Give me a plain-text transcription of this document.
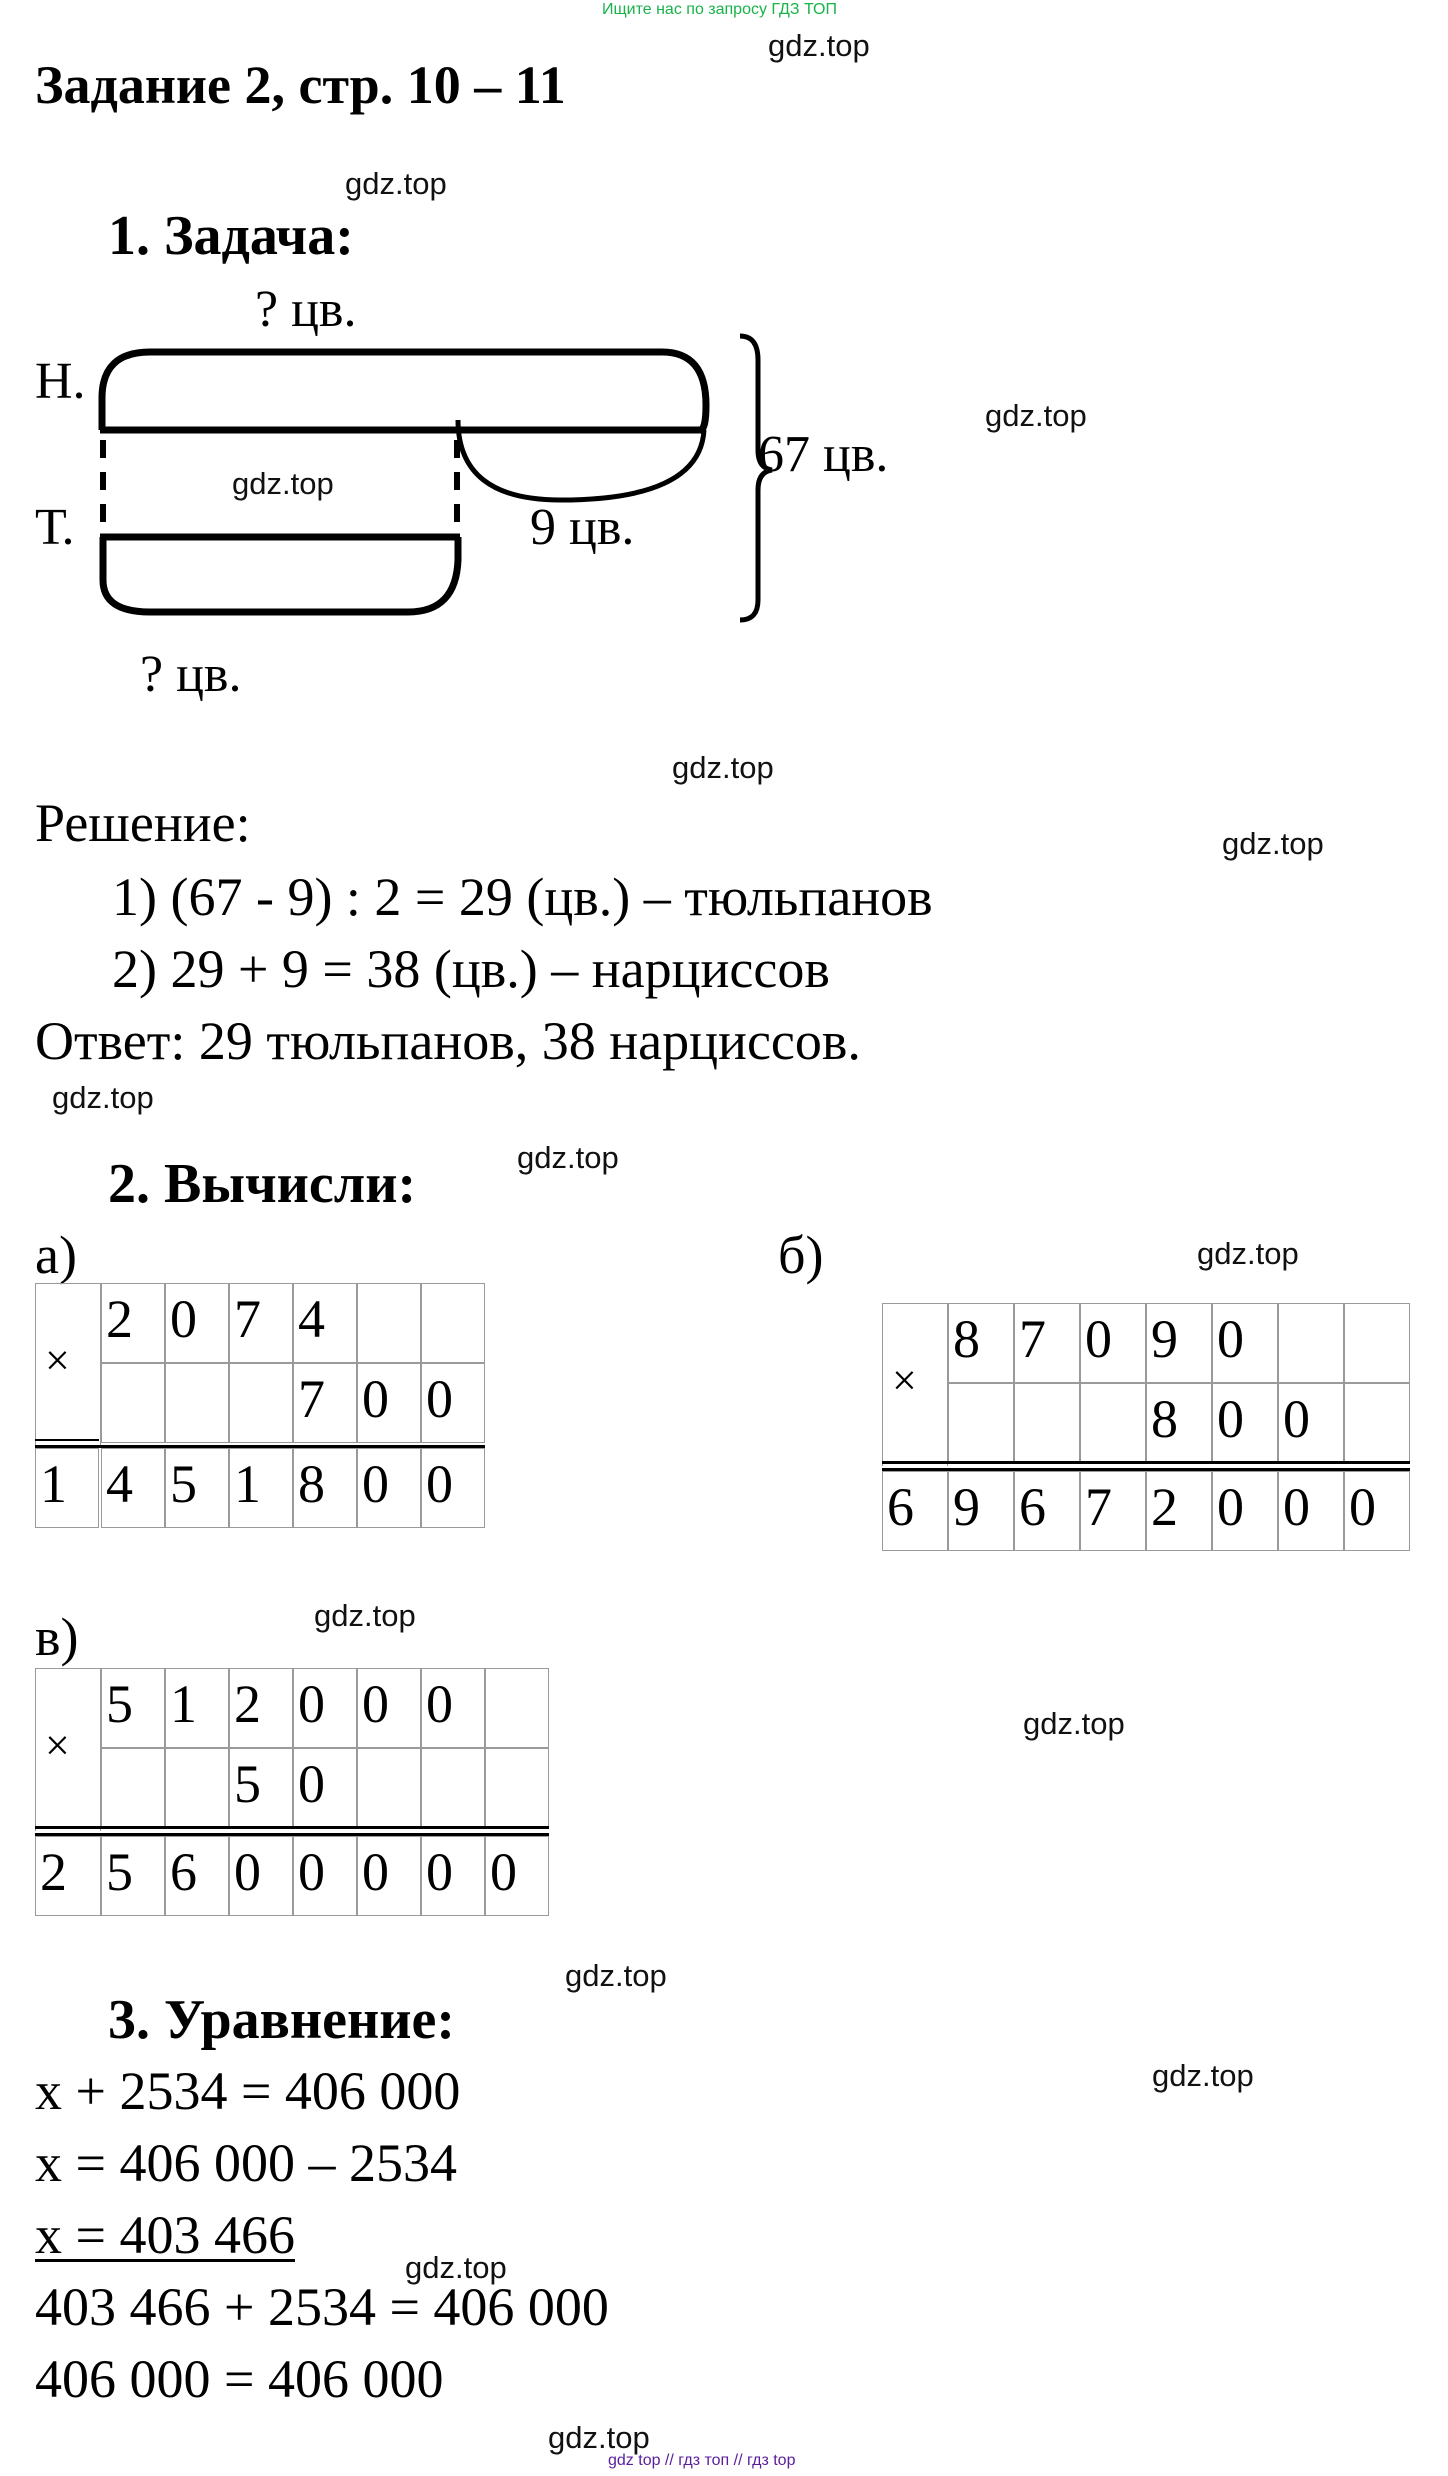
Ищите нас по запросу ГДЗ ТОП
gdz.top
gdz.top
gdz.top
gdz.top
gdz.top
gdz.top
gdz.top
gdz.top
gdz.top
gdz.top
gdz.top
gdz.top
gdz.top
gdz.top
gdz.top
Задание 2, стр. 10 – 11
1. Задача:
? цв.
Н.
67 цв.
Т.	9 цв.
? цв.
Решение:
1) (67 - 9) : 2 = 29 (цв.) – тюльпанов
2) 29 + 9 = 38 (цв.) – нарциссов
Ответ: 29 тюльпанов, 38 нарциссов.
2. Вычисли:
а)
×
2 0 7 4
7 0 0
1 4 5 1 8 0 0
б)
×
8 7 0 9 0
8 0 0
6 9 6 7 2 0 0 0
в)
×
5 1 2 0 0 0
5 0
2 5 6 0 0 0 0 0
3. Уравнение:
x + 2534 = 406 000
x = 406 000 – 2534
x = 403 466
403 466 + 2534 = 406 000
406 000 = 406 000
gdz top // гдз топ // гдз top
